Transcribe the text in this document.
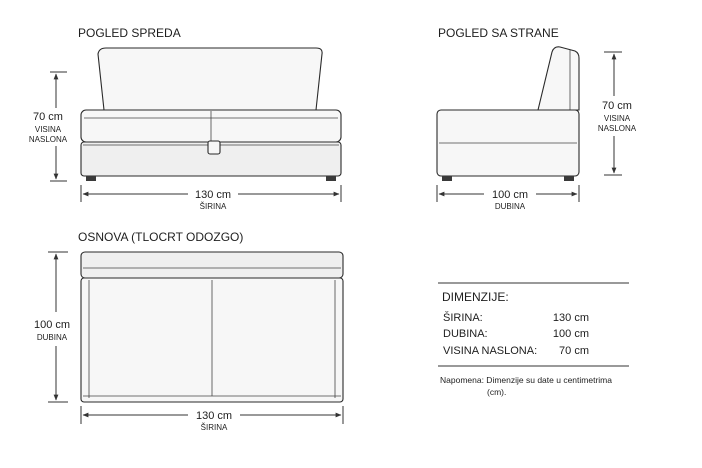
POGLED SPREDA
70 cm
VISINA
NASLONA
130 cm
ŠIRINA
POGLED SA STRANE
70 cm
VISINA
NASLONA
100 cm
DUBINA
OSNOVA (TLOCRT ODOZGO)
100 cm
DUBINA
130 cm
ŠIRINA
DIMENZIJE:
ŠIRINA:	130 cm
DUBINA:	100 cm
VISINA NASLONA: 70 cm
Napomena: Dimenzije su date u centimetrima
(cm).
